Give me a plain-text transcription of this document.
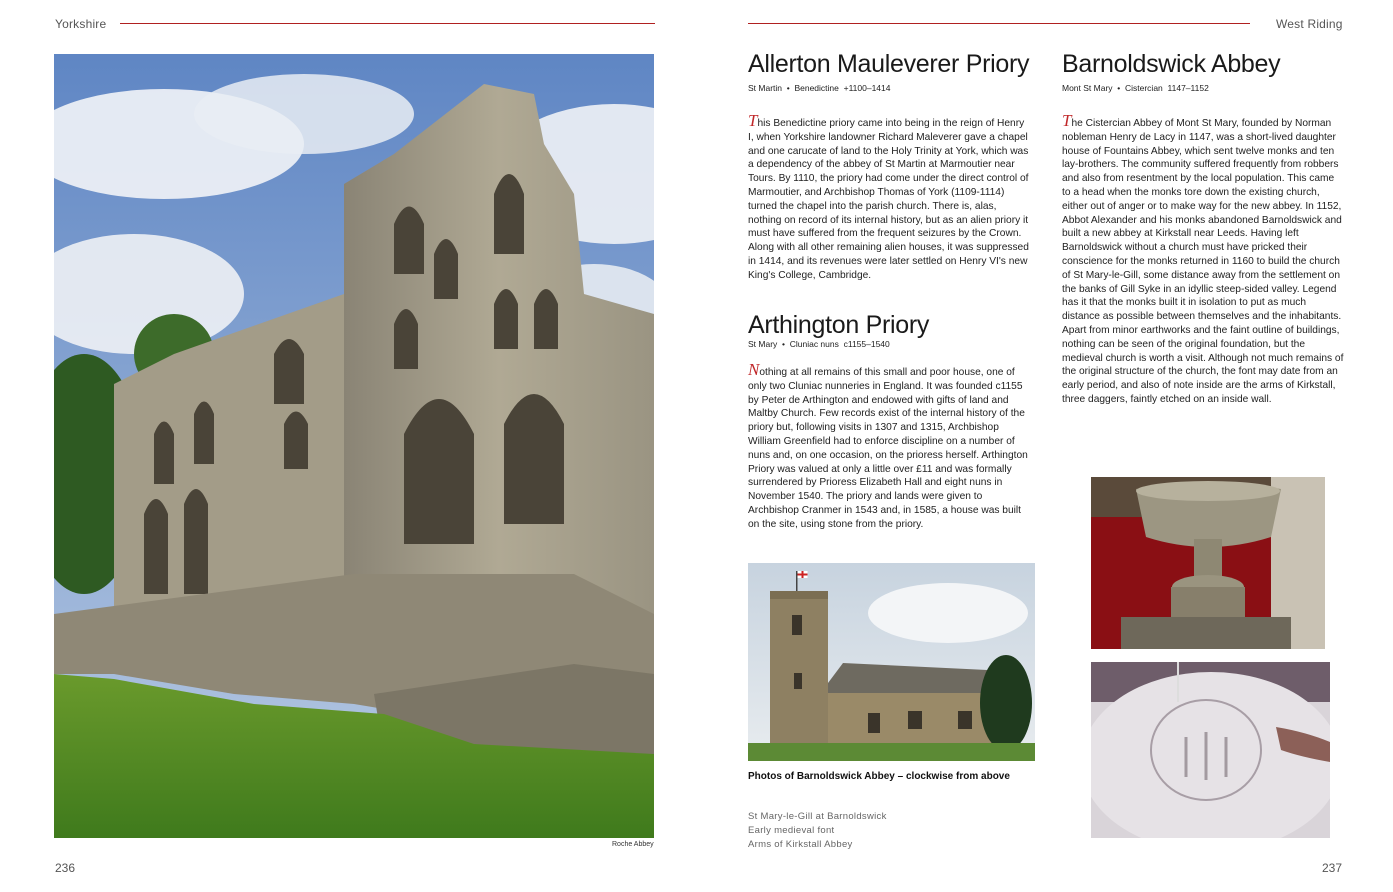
Yorkshire	West Riding
Roche Abbey
236
Allerton Mauleverer Priory
St Martin  •  Benedictine +1100–1414

This Benedictine priory came into being in the reign of Henry I, when Yorkshire landowner Richard Maleverer gave a chapel and one carucate of land to the Holy Trinity at York, which was a dependency of the abbey of St Martin at Marmoutier near Tours. By 1110, the priory had come under the direct control of Marmoutier, and Archbishop Thomas of York (1109-1114) turned the chapel into the parish church. There is, alas, nothing on record of its internal history, but as an alien priory it must have suffered from the frequent seizures by the Crown. Along with all other remaining alien houses, it was suppressed in 1414, and its revenues were later settled on Henry VI's new King's College, Cambridge.

Arthington Priory
St Mary  •  Cluniac nuns c1155–1540

Nothing at all remains of this small and poor house, one of only two Cluniac nunneries in England. It was founded c1155 by Peter de Arthington and endowed with gifts of land and Maltby Church. Few records exist of the internal history of the priory but, following visits in 1307 and 1315, Archbishop William Greenfield had to enforce discipline on a number of nuns and, on one occasion, on the prioress herself. Arthington Priory was valued at only a little over £11 and was formally surrendered by Prioress Elizabeth Hall and eight nuns in November 1540. The priory and lands were given to Archbishop Cranmer in 1543 and, in 1585, a house was built on the site, using stone from the priory.

Photos of Barnoldswick Abbey – clockwise from above
St Mary-le-Gill at Barnoldswick
Early medieval font
Arms of Kirkstall Abbey
Barnoldswick Abbey
Mont St Mary  •  Cistercian 1147–1152

The Cistercian Abbey of Mont St Mary, founded by Norman nobleman Henry de Lacy in 1147, was a short-lived daughter house of Fountains Abbey, which sent twelve monks and ten lay-brothers. The community suffered frequently from robbers and also from resentment by the local population. This came to a head when the monks tore down the existing church, either out of anger or to make way for the new abbey. In 1152, Abbot Alexander and his monks abandoned Barnoldswick and built a new abbey at Kirkstall near Leeds. Having left Barnoldswick without a church must have pricked their conscience for the monks returned in 1160 to build the church of St Mary-le-Gill, some distance away from the settlement on the banks of Gill Syke in an idyllic steep-sided valley. Legend has it that the monks built it in isolation to put as much distance as possible between themselves and the inhabitants. Apart from minor earthworks and the faint outline of buildings, nothing can be seen of the original foundation, but the medieval church is worth a visit. Although not much remains of the original structure of the church, the font may date from an early period, and also of note inside are the arms of Kirkstall, three daggers, faintly etched on an inside wall.

237
